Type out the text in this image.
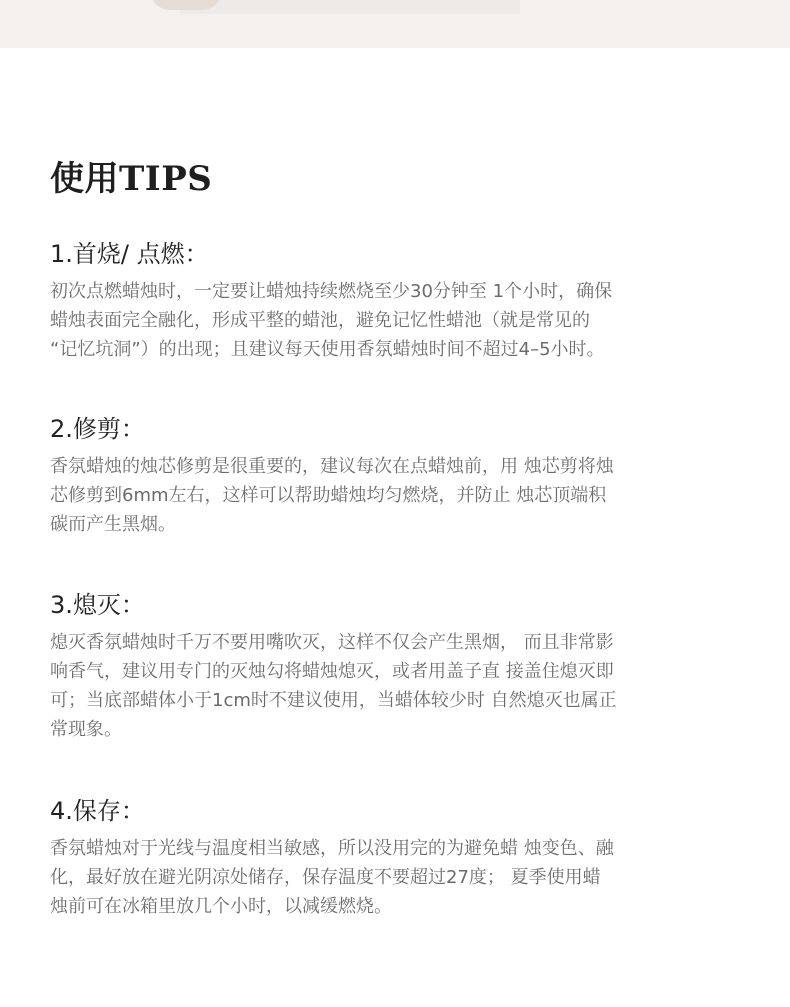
使用TIPS
1.首烧/ 点燃：

初次点燃蜡烛时，一定要让蜡烛持续燃烧至少30分钟至 1个小时，确保
蜡烛表面完全融化，形成平整的蜡池，避免记忆性蜡池（就是常见的
“记忆坑洞”）的出现；且建议每天使用香氛蜡烛时间不超过4–5小时。

2.修剪：

香氛蜡烛的烛芯修剪是很重要的，建议每次在点蜡烛前，用 烛芯剪将烛
芯修剪到6mm左右，这样可以帮助蜡烛均匀燃烧，并防止 烛芯顶端积
碳而产生黑烟。

3.熄灭：

熄灭香氛蜡烛时千万不要用嘴吹灭，这样不仅会产生黑烟， 而且非常影
响香气，建议用专门的灭烛勾将蜡烛熄灭，或者用盖子直 接盖住熄灭即
可；当底部蜡体小于1cm时不建议使用，当蜡体较少时 自然熄灭也属正
常现象。

4.保存：

香氛蜡烛对于光线与温度相当敏感，所以没用完的为避免蜡 烛变色、融
化，最好放在避光阴凉处储存，保存温度不要超过27度； 夏季使用蜡
烛前可在冰箱里放几个小时，以减缓燃烧。
